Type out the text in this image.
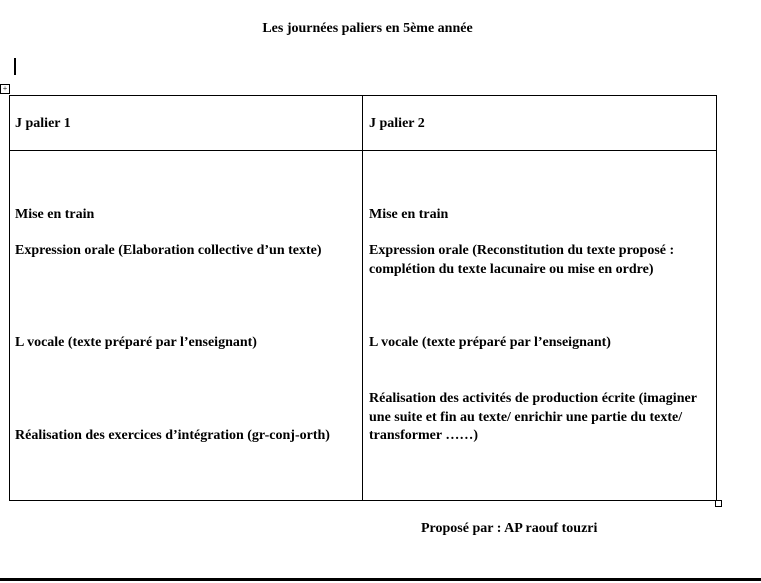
Les journées paliers en 5ème année
+
J palier 1	J palier 2
Mise en train
Expression orale (Elaboration collective d’un texte)
L vocale (texte préparé par l’enseignant)
Réalisation des exercices d’intégration (gr-conj-orth)
Mise en train
Expression orale (Reconstitution du texte proposé : complétion du texte lacunaire ou mise en ordre)
L vocale (texte préparé par l’enseignant)
Réalisation des activités de production écrite (imaginer une suite et fin au texte/ enrichir une partie du texte/ transformer ……)
Proposé par : AP raouf touzri
